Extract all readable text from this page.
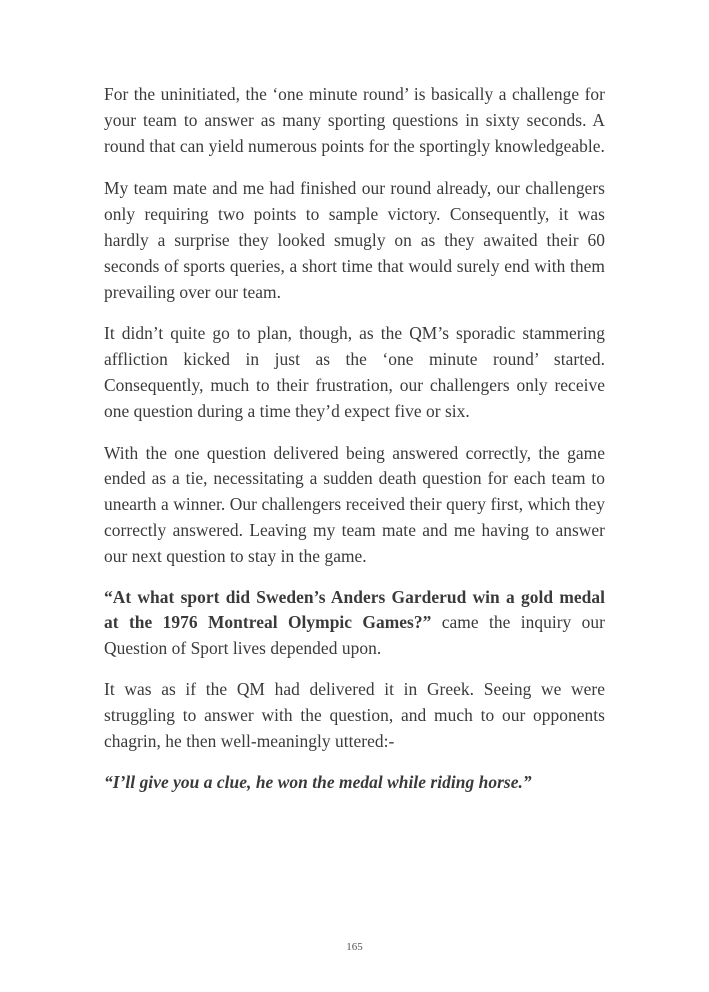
For the uninitiated, the ‘one minute round’ is basically a challenge for your team to answer as many sporting questions in sixty seconds. A round that can yield numerous points for the sportingly knowledgeable.

My team mate and me had finished our round already, our challengers only requiring two points to sample victory. Consequently, it was hardly a surprise they looked smugly on as they awaited their 60 seconds of sports queries, a short time that would surely end with them prevailing over our team.

It didn’t quite go to plan, though, as the QM’s sporadic stammering affliction kicked in just as the ‘one minute round’ started. Consequently, much to their frustration, our challengers only receive one question during a time they’d expect five or six.

With the one question delivered being answered correctly, the game ended as a tie, necessitating a sudden death question for each team to unearth a winner. Our challengers received their query first, which they correctly answered. Leaving my team mate and me having to answer our next question to stay in the game.

“At what sport did Sweden’s Anders Garderud win a gold medal at the 1976 Montreal Olympic Games?” came the inquiry our Question of Sport lives depended upon.

It was as if the QM had delivered it in Greek. Seeing we were struggling to answer with the question, and much to our opponents chagrin, he then well-meaningly uttered:-

“I’ll give you a clue, he won the medal while riding horse.”

165
